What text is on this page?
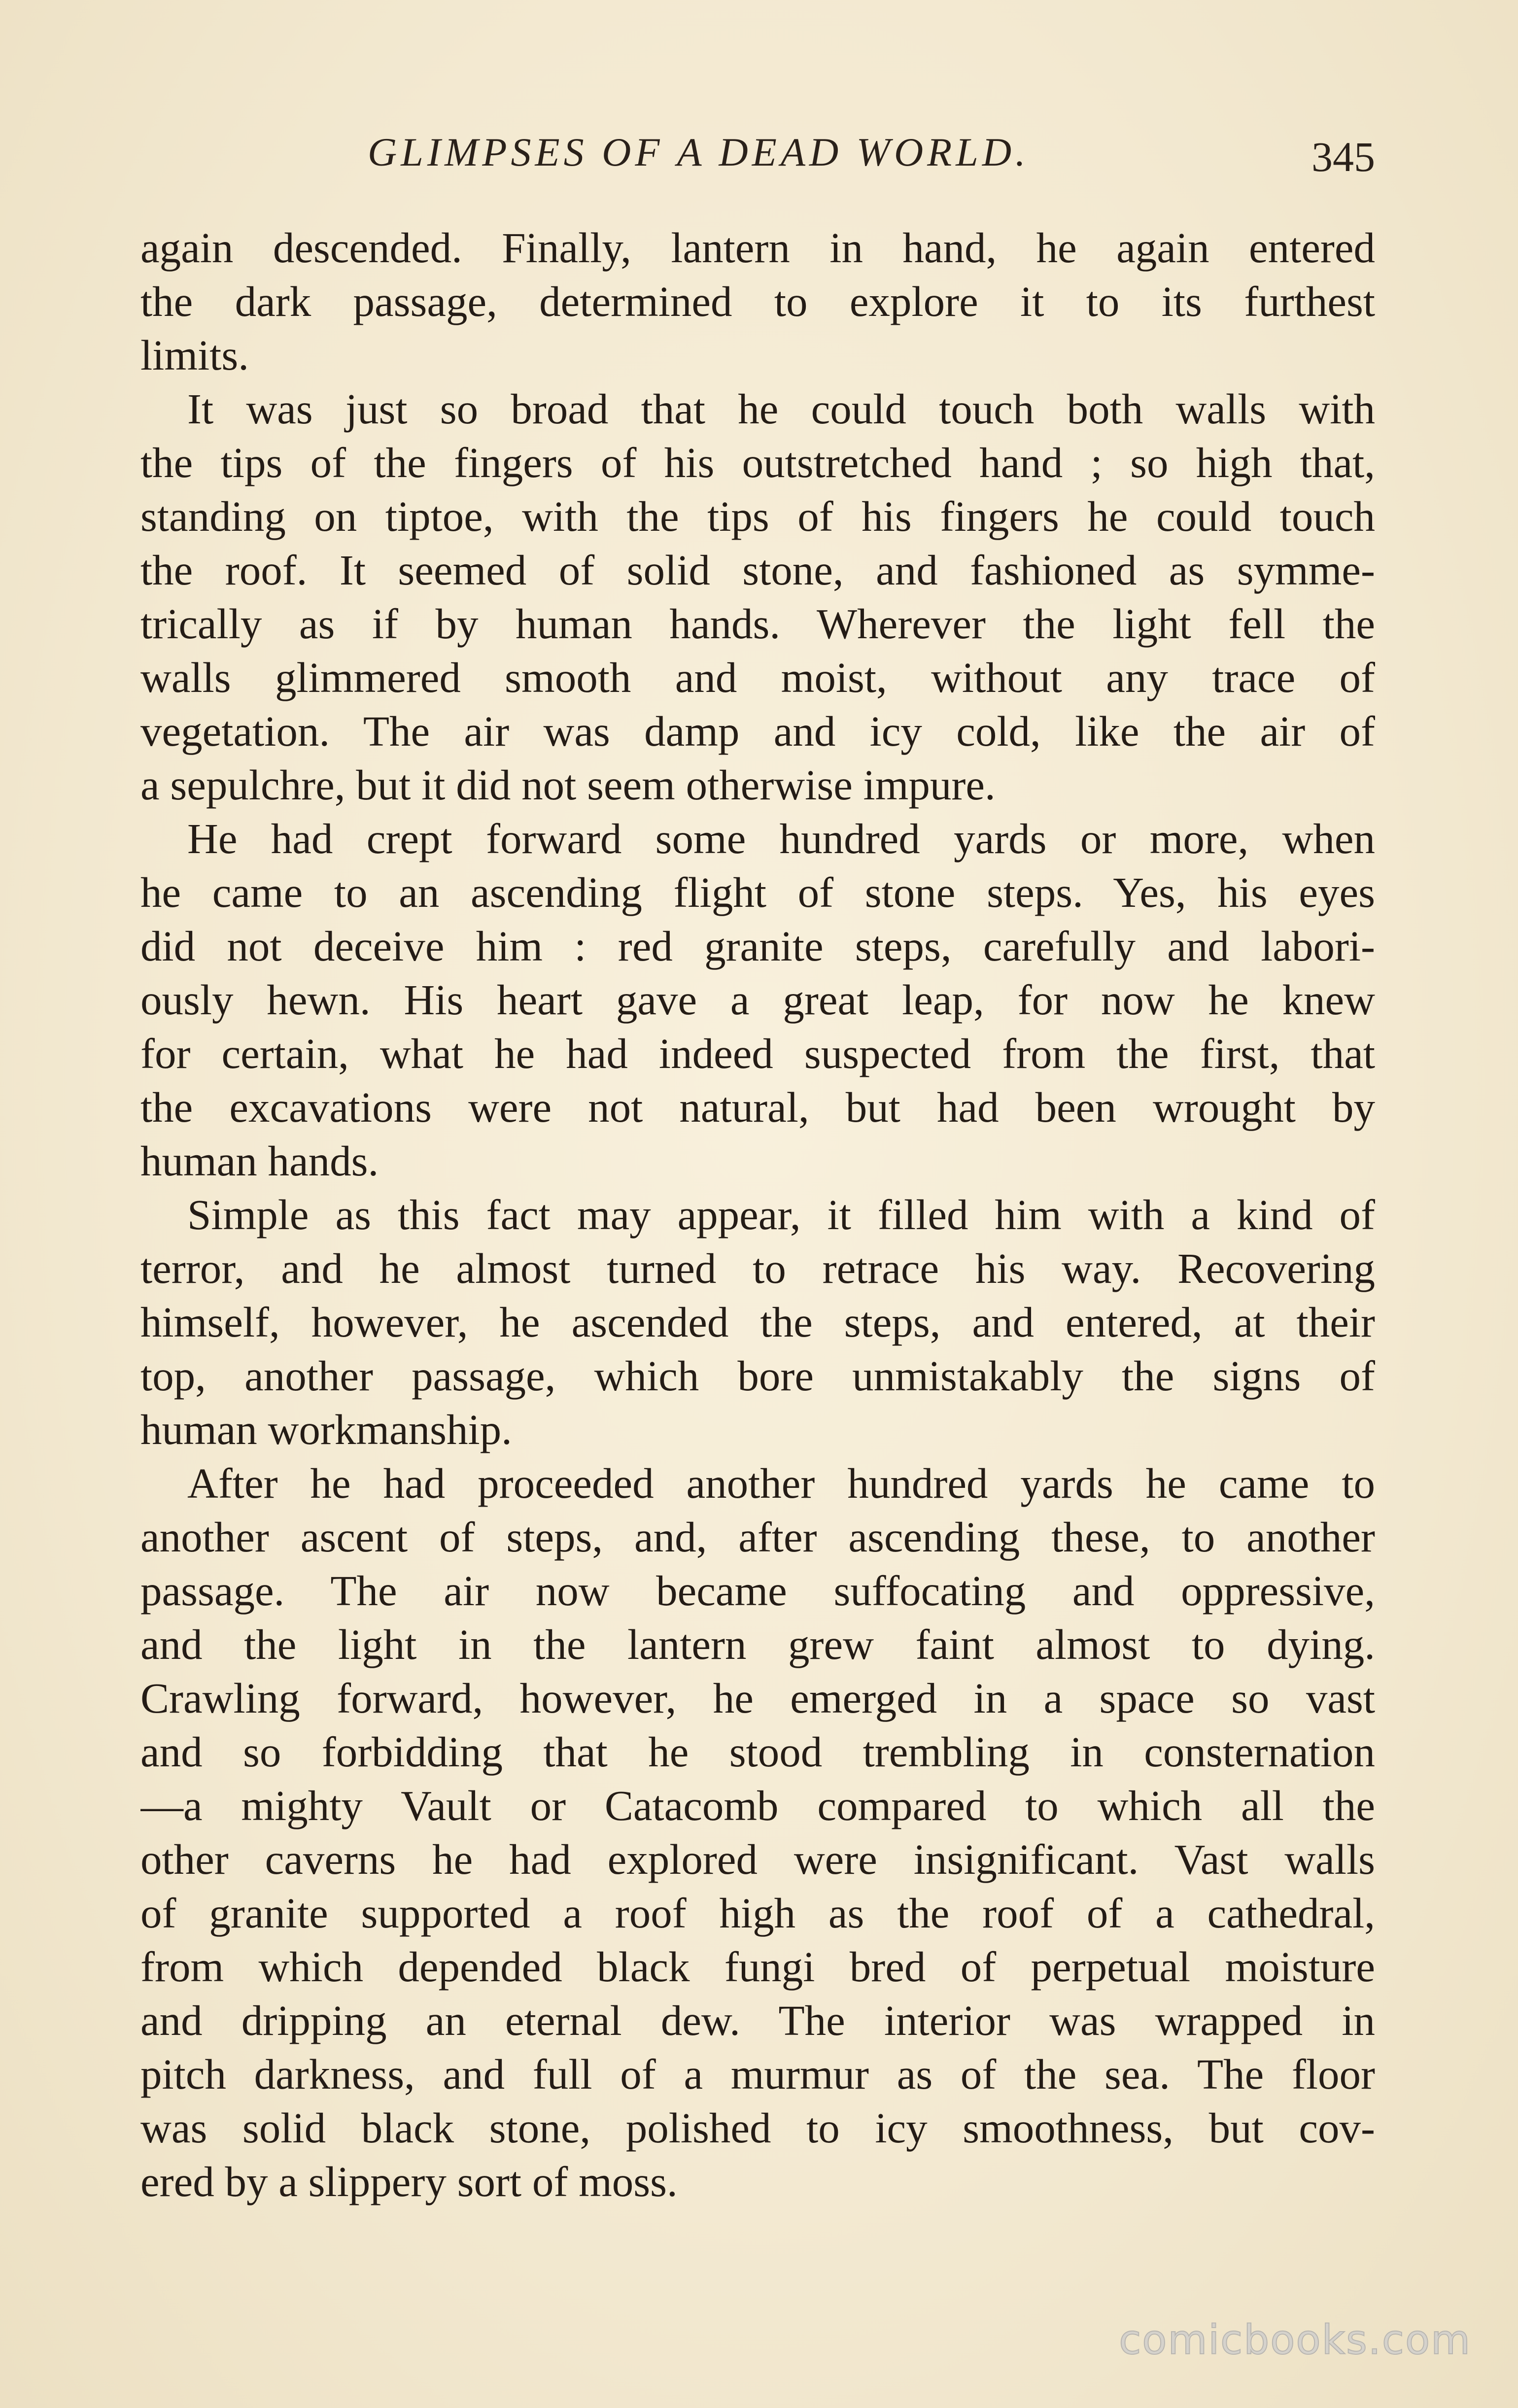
GLIMPSES OF A DEAD WORLD.	345
again descended. Finally, lantern in hand, he again entered
the dark passage, determined to explore it to its furthest
limits.
It was just so broad that he could touch both walls with
the tips of the fingers of his outstretched hand ; so high that,
standing on tiptoe, with the tips of his fingers he could touch
the roof. It seemed of solid stone, and fashioned as symme-
trically as if by human hands. Wherever the light fell the
walls glimmered smooth and moist, without any trace of
vegetation. The air was damp and icy cold, like the air of
a sepulchre, but it did not seem otherwise impure.
He had crept forward some hundred yards or more, when
he came to an ascending flight of stone steps. Yes, his eyes
did not deceive him : red granite steps, carefully and labori-
ously hewn. His heart gave a great leap, for now he knew
for certain, what he had indeed suspected from the first, that
the excavations were not natural, but had been wrought by
human hands.
Simple as this fact may appear, it filled him with a kind of
terror, and he almost turned to retrace his way. Recovering
himself, however, he ascended the steps, and entered, at their
top, another passage, which bore unmistakably the signs of
human workmanship.
After he had proceeded another hundred yards he came to
another ascent of steps, and, after ascending these, to another
passage. The air now became suffocating and oppressive,
and the light in the lantern grew faint almost to dying.
Crawling forward, however, he emerged in a space so vast
and so forbidding that he stood trembling in consternation
—a mighty Vault or Catacomb compared to which all the
other caverns he had explored were insignificant. Vast walls
of granite supported a roof high as the roof of a cathedral,
from which depended black fungi bred of perpetual moisture
and dripping an eternal dew. The interior was wrapped in
pitch darkness, and full of a murmur as of the sea. The floor
was solid black stone, polished to icy smoothness, but cov-
ered by a slippery sort of moss.
comicbooks.com
